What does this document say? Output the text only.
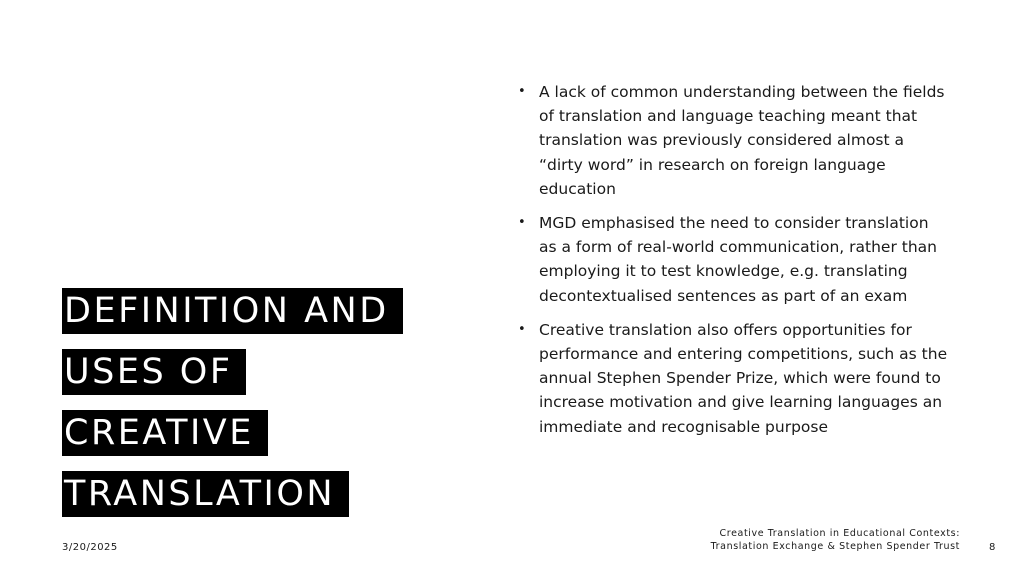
DEFINITION AND
USES OF
CREATIVE
TRANSLATION
• A lack of common understanding between the fields of translation and language teaching meant that translation was previously considered almost a “dirty word” in research on foreign language education
• MGD emphasised the need to consider translation as a form of real-world communication, rather than employing it to test knowledge, e.g. translating decontextualised sentences as part of an exam
• Creative translation also offers opportunities for performance and entering competitions, such as the annual Stephen Spender Prize, which were found to increase motivation and give learning languages an immediate and recognisable purpose
3/20/2025
Creative Translation in Educational Contexts:
Translation Exchange & Stephen Spender Trust	8
